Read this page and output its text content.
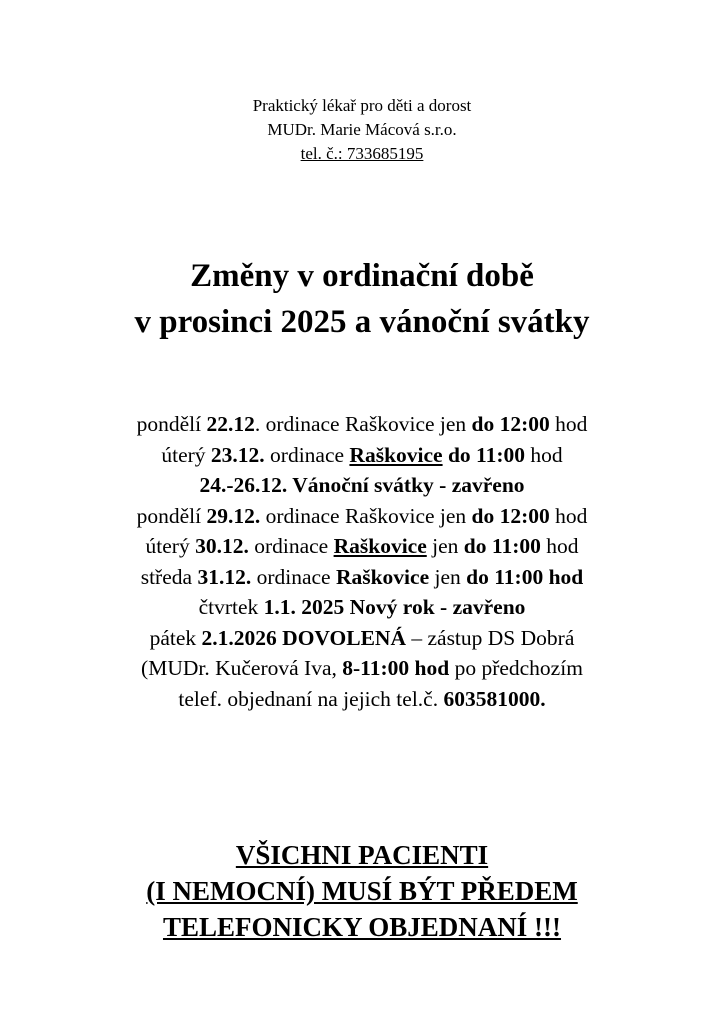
Praktický lékař pro děti a dorost
MUDr. Marie Mácová s.r.o.
tel. č.: 733685195
Změny v ordinační době
v prosinci 2025 a vánoční svátky
pondělí 22.12. ordinace Raškovice jen do 12:00 hod
úterý 23.12. ordinace Raškovice do 11:00 hod
24.-26.12. Vánoční svátky - zavřeno
pondělí 29.12. ordinace Raškovice jen do 12:00 hod
úterý 30.12. ordinace Raškovice jen do 11:00 hod
středa 31.12. ordinace Raškovice jen do 11:00 hod
čtvrtek 1.1. 2025 Nový rok - zavřeno
pátek 2.1.2026 DOVOLENÁ – zástup DS Dobrá
(MUDr. Kučerová Iva, 8-11:00 hod po předchozím
telef. objednaní na jejich tel.č. 603581000.
VŠICHNI PACIENTI
(I NEMOCNÍ) MUSÍ BÝT PŘEDEM
TELEFONICKY OBJEDNANÍ !!!
